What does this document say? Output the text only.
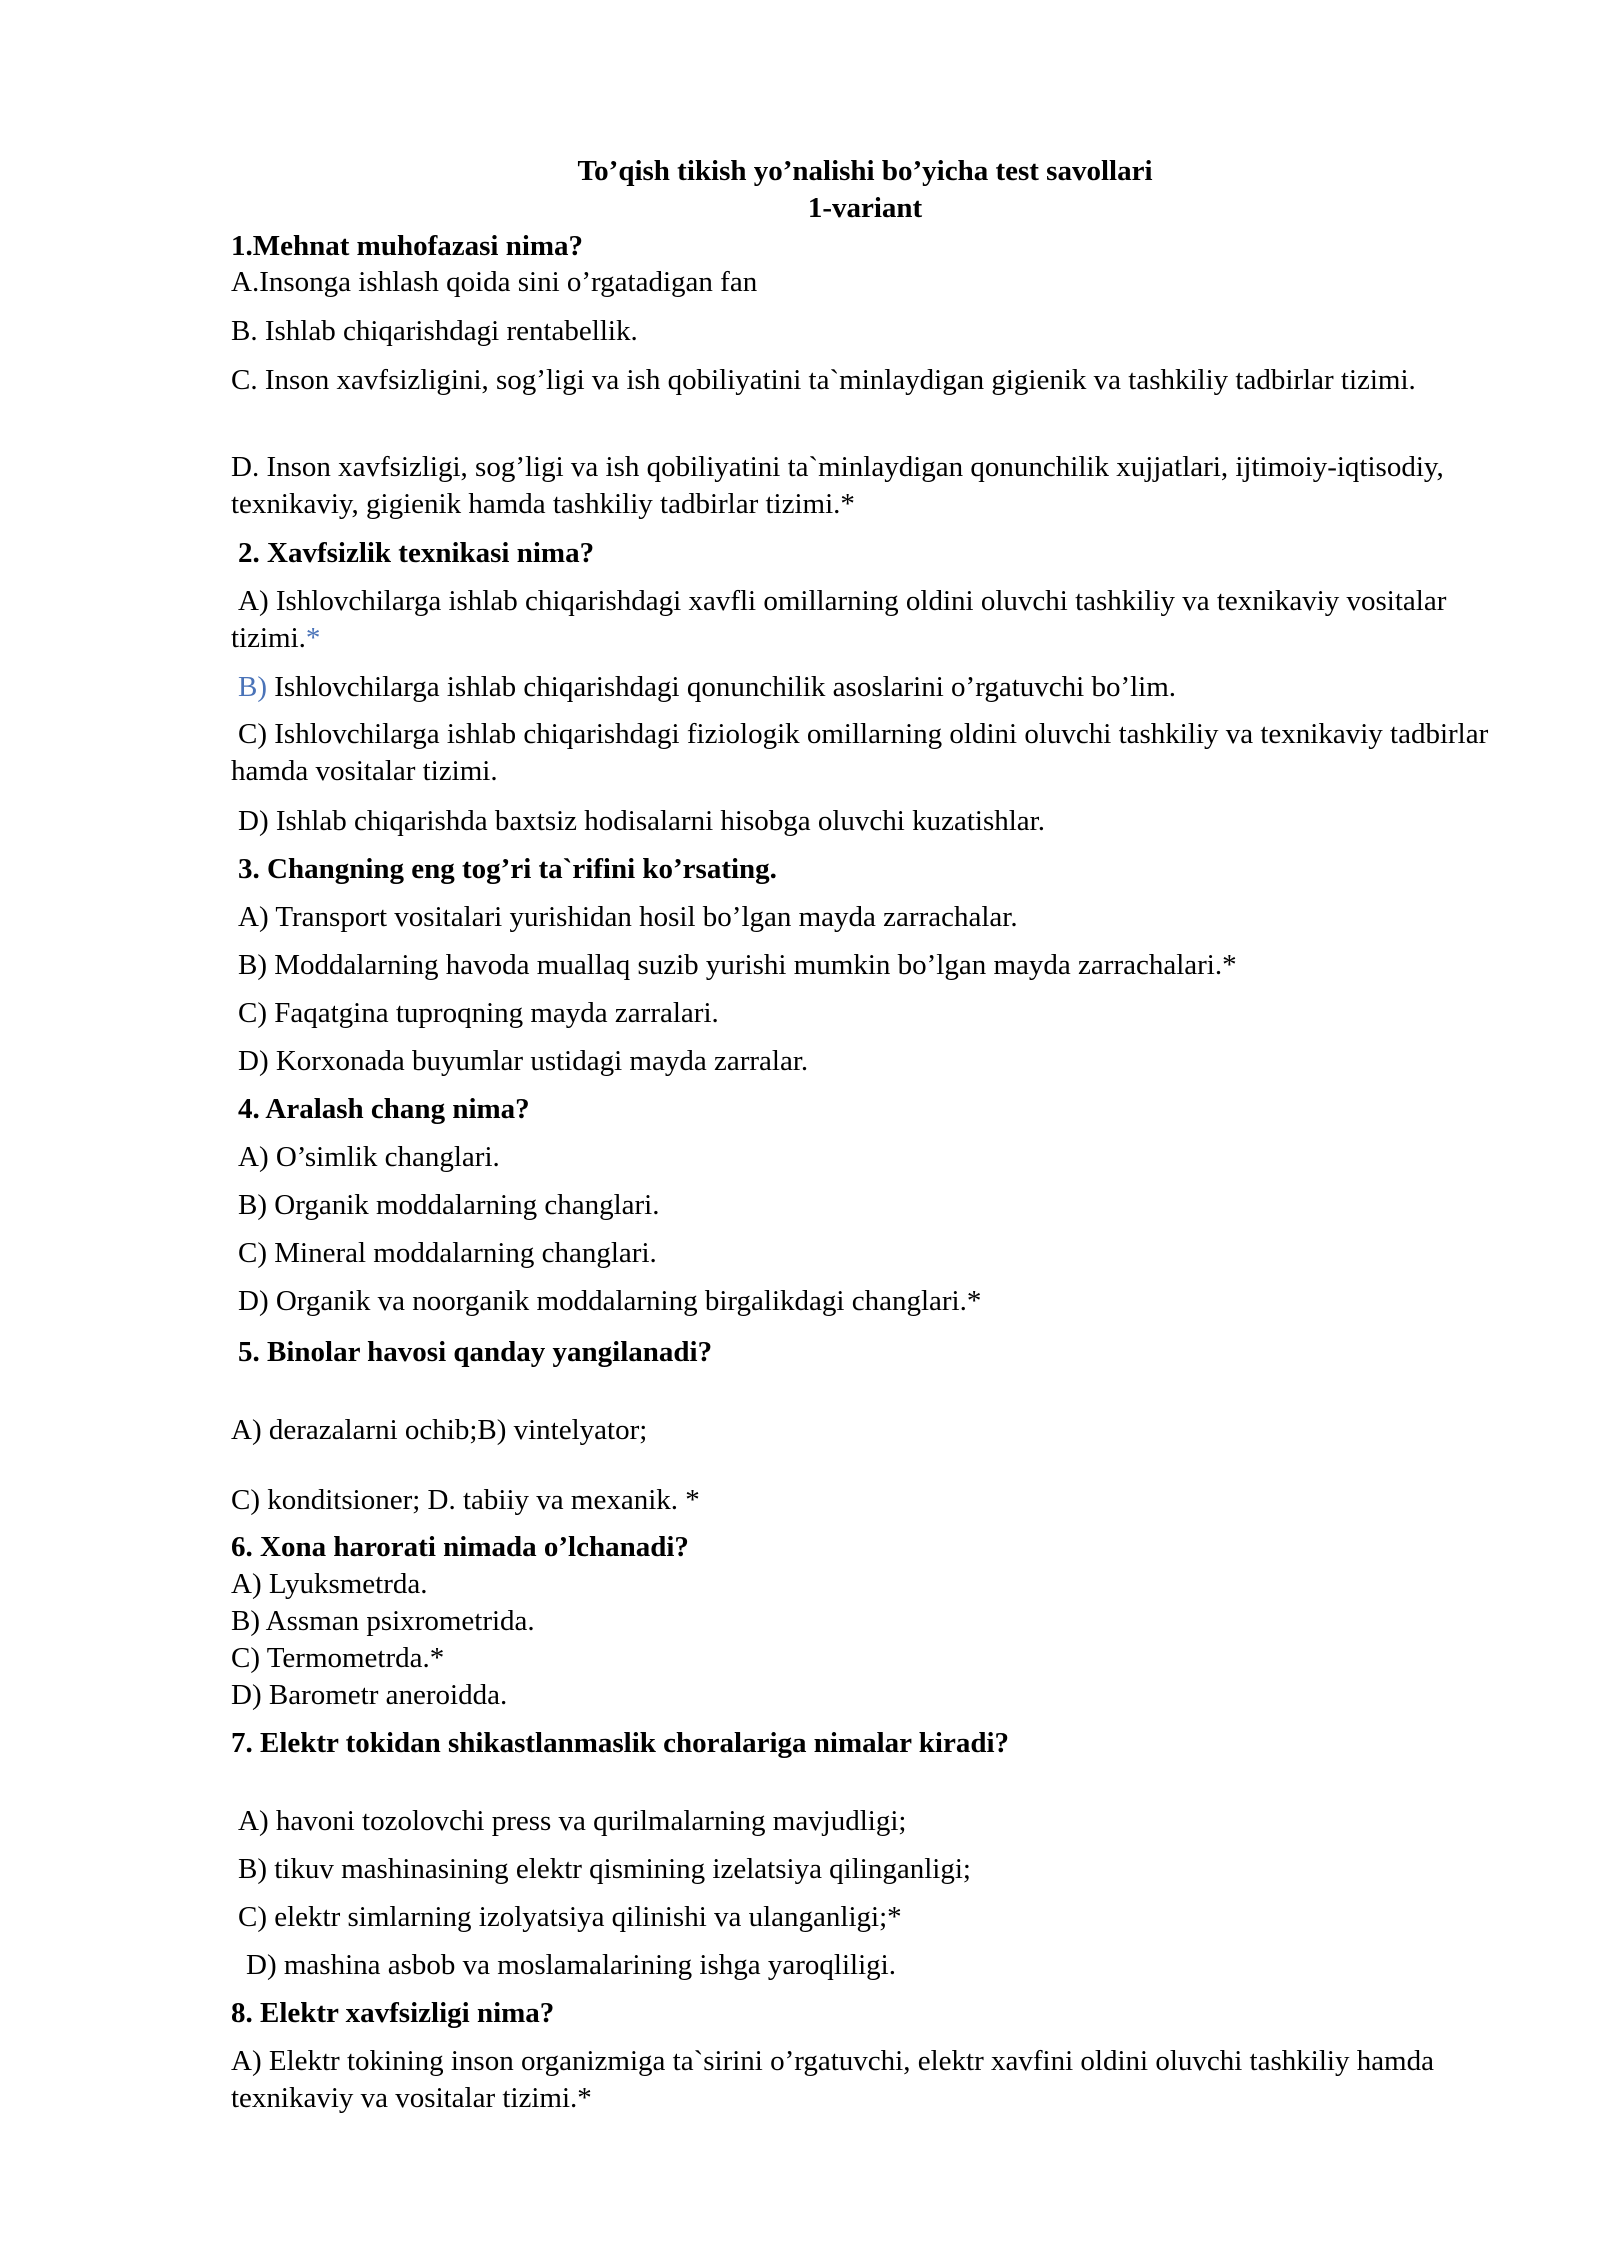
To’qish tikish yo’nalishi bo’yicha test savollari
1-variant
1.Mehnat muhofazasi nima?
A.Insonga ishlash qoida sini o’rgatadigan fan
B. Ishlab chiqarishdagi rentabellik.
C. Inson xavfsizligini, sog’ligi va ish qobiliyatini ta`minlaydigan gigienik va tashkiliy tadbirlar tizimi.
D. Inson xavfsizligi, sog’ligi va ish qobiliyatini ta`minlaydigan qonunchilik xujjatlari, ijtimoiy-iqtisodiy, texnikaviy, gigienik hamda tashkiliy tadbirlar tizimi.*
2. Xavfsizlik texnikasi nima?
A) Ishlovchilarga ishlab chiqarishdagi xavfli omillarning oldini oluvchi tashkiliy va texnikaviy vositalar tizimi.*
B) Ishlovchilarga ishlab chiqarishdagi qonunchilik asoslarini o’rgatuvchi bo’lim.
C) Ishlovchilarga ishlab chiqarishdagi fiziologik omillarning oldini oluvchi tashkiliy va texnikaviy tadbirlar hamda vositalar tizimi.
D) Ishlab chiqarishda baxtsiz hodisalarni hisobga oluvchi kuzatishlar.
3. Changning eng tog’ri ta`rifini ko’rsating.
A) Transport vositalari yurishidan hosil bo’lgan mayda zarrachalar.
B) Moddalarning havoda muallaq suzib yurishi mumkin bo’lgan mayda zarrachalari.*
C) Faqatgina tuproqning mayda zarralari.
D) Korxonada buyumlar ustidagi mayda zarralar.
4. Aralash chang nima?
A) O’simlik changlari.
B) Organik moddalarning changlari.
C) Mineral moddalarning changlari.
D) Organik va noorganik moddalarning birgalikdagi changlari.*
5. Binolar havosi qanday yangilanadi?
A) derazalarni ochib;B) vintelyator;
C) konditsioner; D. tabiiy va mexanik. *
6. Xona harorati nimada o’lchanadi?
A) Lyuksmetrda.
B) Assman psixrometrida.
C) Termometrda.*
D) Barometr aneroidda.
7. Elektr tokidan shikastlanmaslik choralariga nimalar kiradi?
A) havoni tozolovchi press va qurilmalarning mavjudligi;
B) tikuv mashinasining elektr qismining izelatsiya qilinganligi;
C) elektr simlarning izolyatsiya qilinishi va ulanganligi;*
D) mashina asbob va moslamalarining ishga yaroqliligi.
8. Elektr xavfsizligi nima?
A) Elektr tokining inson organizmiga ta`sirini o’rgatuvchi, elektr xavfini oldini oluvchi tashkiliy hamda texnikaviy va vositalar tizimi.*
